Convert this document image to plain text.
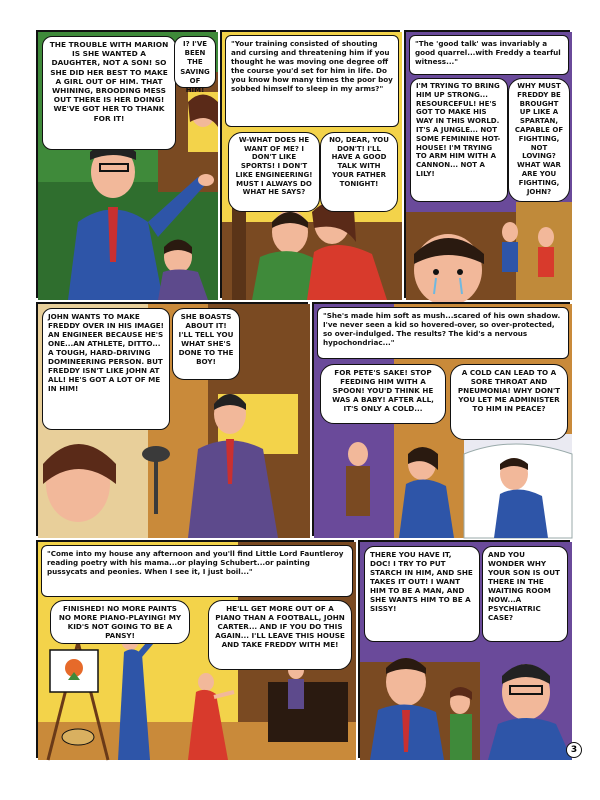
THE TROUBLE WITH MARION IS SHE WANTED A DAUGHTER, NOT A SON! SO SHE DID HER BEST TO MAKE A GIRL OUT OF HIM. THAT WHINING, BROODING MESS OUT THERE IS HER DOING! WE'VE GOT HER TO THANK FOR IT!
I? I'VE BEEN THE SAVING OF HIM!
"Your training consisted of shouting and cursing and threatening him if you thought he was moving one degree off the course you'd set for him in life. Do you know how many times the poor boy sobbed himself to sleep in my arms?"
W-WHAT DOES HE WANT OF ME? I DON'T LIKE SPORTS! I DON'T LIKE ENGINEERING! MUST I ALWAYS DO WHAT HE SAYS?
NO, DEAR, YOU DON'T! I'LL HAVE A GOOD TALK WITH YOUR FATHER TONIGHT!
"The 'good talk' was invariably a good quarrel...with Freddy a tearful witness..."
I'M TRYING TO BRING HIM UP STRONG... RESOURCEFUL! HE'S GOT TO MAKE HIS WAY IN THIS WORLD. IT'S A JUNGLE... NOT SOME FEMININE HOT-HOUSE! I'M TRYING TO ARM HIM WITH A CANNON... NOT A LILY!
WHY MUST FREDDY BE BROUGHT UP LIKE A SPARTAN, CAPABLE OF FIGHTING, NOT LOVING? WHAT WAR ARE YOU FIGHTING, JOHN?
JOHN WANTS TO MAKE FREDDY OVER IN HIS IMAGE! AN ENGINEER BECAUSE HE'S ONE...AN ATHLETE, DITTO... A TOUGH, HARD-DRIVING DOMINEERING PERSON. BUT FREDDY ISN'T LIKE JOHN AT ALL! HE'S GOT A LOT OF ME IN HIM!
SHE BOASTS ABOUT IT! I'LL TELL YOU WHAT SHE'S DONE TO THE BOY!
"She's made him soft as mush...scared of his own shadow. I've never seen a kid so hovered-over, so over-protected, so over-indulged. The results? The kid's a nervous hypochondriac..."
FOR PETE'S SAKE! STOP FEEDING HIM WITH A SPOON! YOU'D THINK HE WAS A BABY! AFTER ALL, IT'S ONLY A COLD...
A COLD CAN LEAD TO A SORE THROAT AND PNEUMONIA! WHY DON'T YOU LET ME ADMINISTER TO HIM IN PEACE?
"Come into my house any afternoon and you'll find Little Lord Fauntleroy reading poetry with his mama...or playing Schubert...or painting pussycats and peonies. When I see it, I just boil..."
FINISHED! NO MORE PAINTS NO MORE PIANO-PLAYING! MY KID'S NOT GOING TO BE A PANSY!
HE'LL GET MORE OUT OF A PIANO THAN A FOOTBALL, JOHN CARTER... AND IF YOU DO THIS AGAIN... I'LL LEAVE THIS HOUSE AND TAKE FREDDY WITH ME!
THERE YOU HAVE IT, DOC! I TRY TO PUT STARCH IN HIM, AND SHE TAKES IT OUT! I WANT HIM TO BE A MAN, AND SHE WANTS HIM TO BE A SISSY!
AND YOU WONDER WHY YOUR SON IS OUT THERE IN THE WAITING ROOM NOW...A PSYCHIATRIC CASE?
3
